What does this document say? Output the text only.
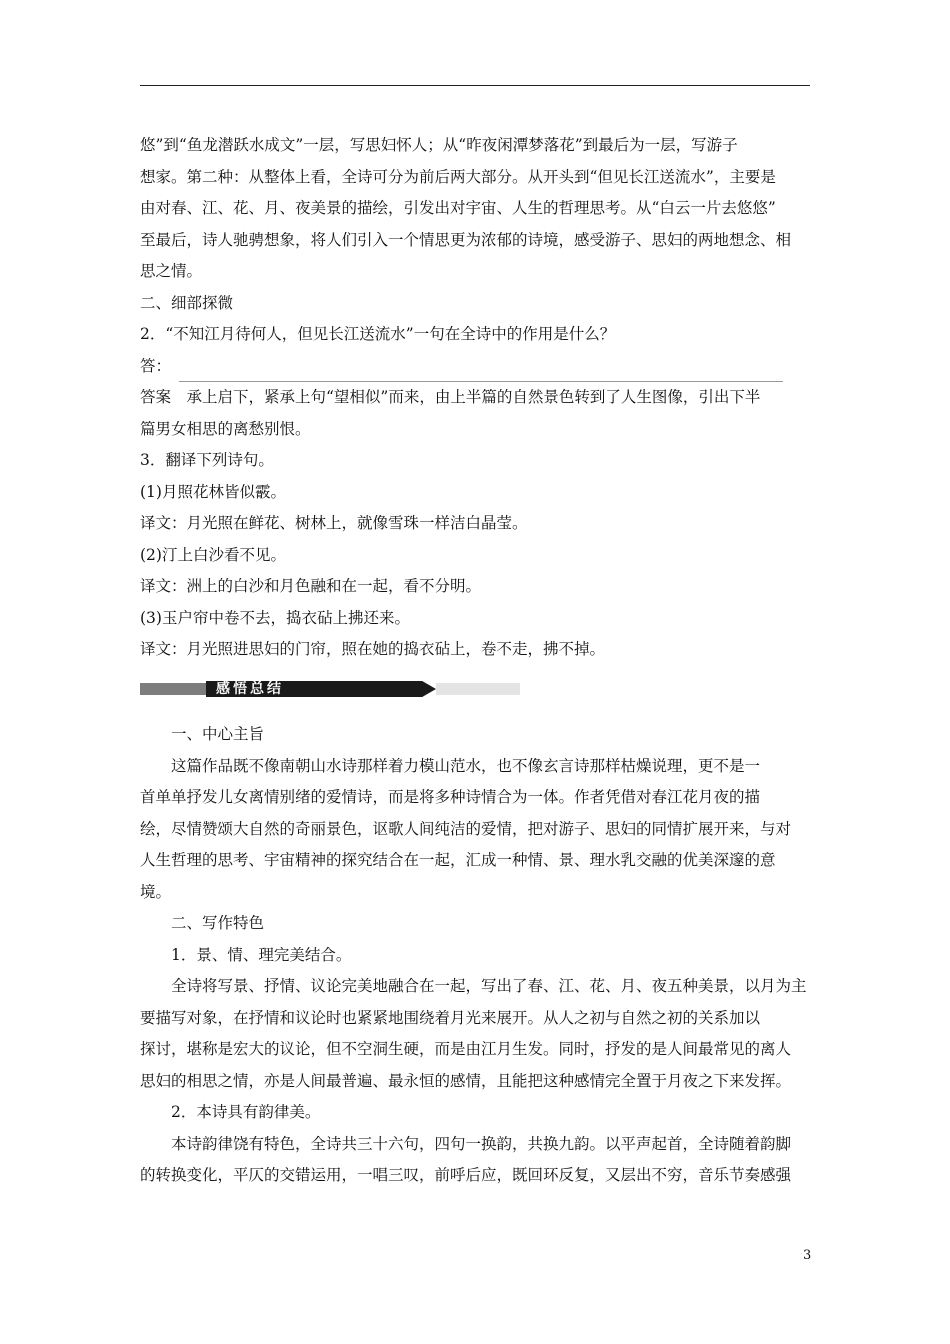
悠”到“鱼龙潜跃水成文”一层，写思妇怀人；从“昨夜闲潭梦落花”到最后为一层，写游子
想家。第二种：从整体上看，全诗可分为前后两大部分。从开头到“但见长江送流水”，主要是
由对春、江、花、月、夜美景的描绘，引发出对宇宙、人生的哲理思考。从“白云一片去悠悠”
至最后，诗人驰骋想象，将人们引入一个情思更为浓郁的诗境，感受游子、思妇的两地想念、相
思之情。
二、细部探微
2．“不知江月待何人，但见长江送流水”一句在全诗中的作用是什么？
答：
答案　承上启下，紧承上句“望相似”而来，由上半篇的自然景色转到了人生图像，引出下半
篇男女相思的离愁别恨。
3．翻译下列诗句。
(1)月照花林皆似霰。
译文：月光照在鲜花、树林上，就像雪珠一样洁白晶莹。
(2)汀上白沙看不见。
译文：洲上的白沙和月色融和在一起，看不分明。
(3)玉户帘中卷不去，捣衣砧上拂还来。
译文：月光照进思妇的门帘，照在她的捣衣砧上，卷不走，拂不掉。
感悟总结
一、中心主旨
这篇作品既不像南朝山水诗那样着力模山范水，也不像玄言诗那样枯燥说理，更不是一
首单单抒发儿女离情别绪的爱情诗，而是将多种诗情合为一体。作者凭借对春江花月夜的描
绘，尽情赞颂大自然的奇丽景色，讴歌人间纯洁的爱情，把对游子、思妇的同情扩展开来，与对
人生哲理的思考、宇宙精神的探究结合在一起，汇成一种情、景、理水乳交融的优美深邃的意
境。
二、写作特色
1．景、情、理完美结合。
全诗将写景、抒情、议论完美地融合在一起，写出了春、江、花、月、夜五种美景，以月为主
要描写对象，在抒情和议论时也紧紧地围绕着月光来展开。从人之初与自然之初的关系加以
探讨，堪称是宏大的议论，但不空洞生硬，而是由江月生发。同时，抒发的是人间最常见的离人
思妇的相思之情，亦是人间最普遍、最永恒的感情，且能把这种感情完全置于月夜之下来发挥。
2．本诗具有韵律美。
本诗韵律饶有特色，全诗共三十六句，四句一换韵，共换九韵。以平声起首，全诗随着韵脚
的转换变化，平仄的交错运用，一唱三叹，前呼后应，既回环反复，又层出不穷，音乐节奏感强
3
